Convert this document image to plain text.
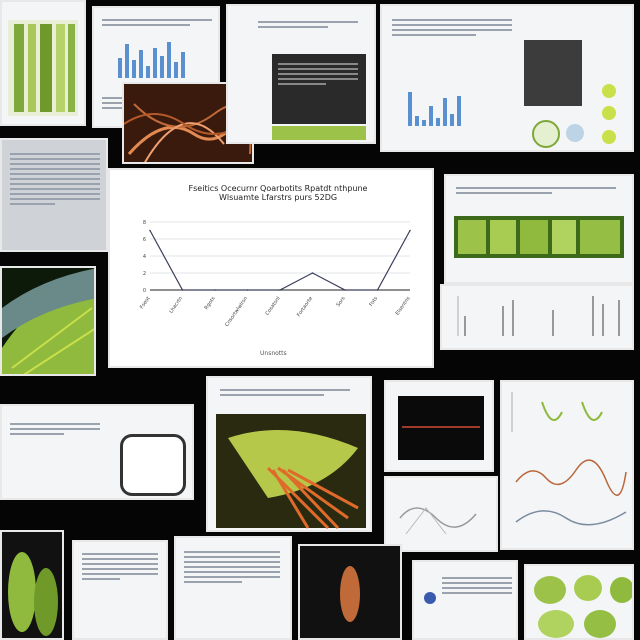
Fseitics Ocecurnr Qoarbotits Rpatdt nthpune
Wlsuamte Lfarstrs purs 52DG
Fseot	Lhacrtn	Rgots Cnsortwlwlrsn	Cosatsnl	Fortaorte	Sors	Fots	Elsentns
0
2
4
6
8
Unsnotts
